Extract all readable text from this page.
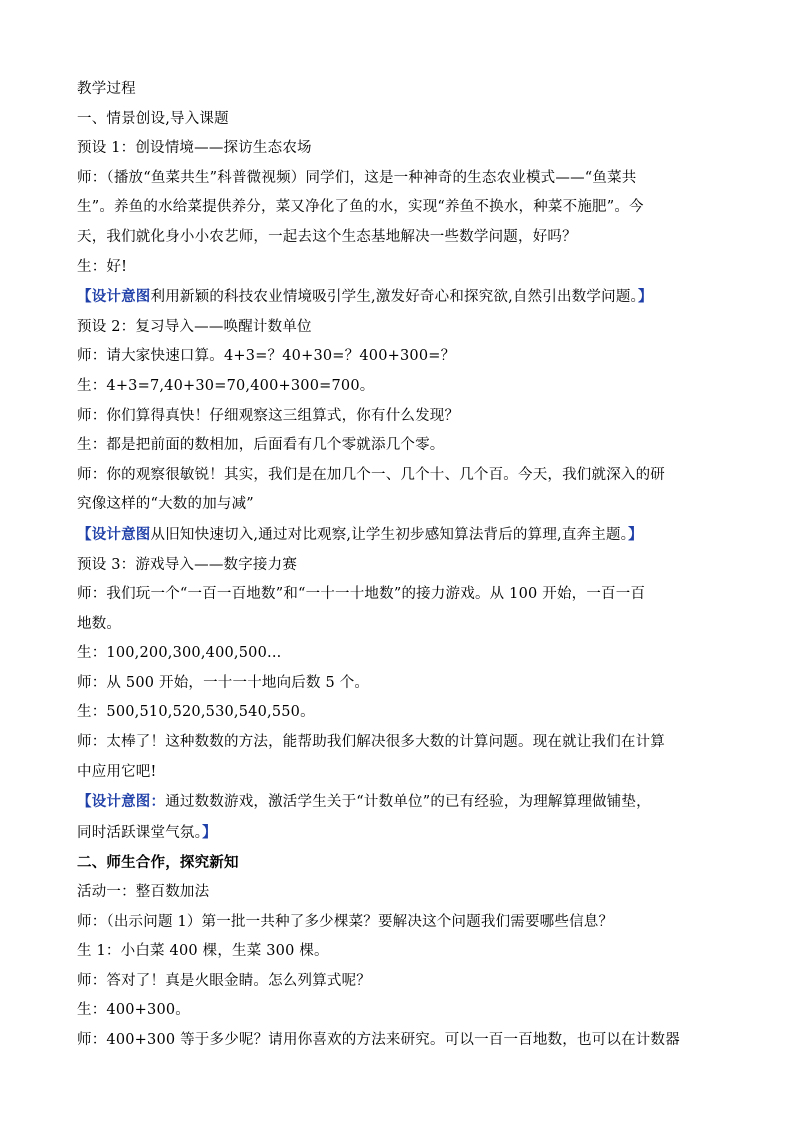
教学过程
一、情景创设,导入课题
预设 1：创设情境——探访生态农场
师：（播放“鱼菜共生”科普微视频）同学们，这是一种神奇的生态农业模式——“鱼菜共
生”。养鱼的水给菜提供养分，菜又净化了鱼的水，实现“养鱼不换水，种菜不施肥”。今
天，我们就化身小小农艺师，一起去这个生态基地解决一些数学问题，好吗？
生：好!
【设计意图利用新颖的科技农业情境吸引学生,激发好奇心和探究欲,自然引出数学问题。】
预设 2：复习导入——唤醒计数单位
师：请大家快速口算。4+3=？40+30=？400+300=？
生：4+3=7,40+30=70,400+300=700。
师：你们算得真快！仔细观察这三组算式，你有什么发现？
生：都是把前面的数相加，后面看有几个零就添几个零。
师：你的观察很敏锐！其实，我们是在加几个一、几个十、几个百。今天，我们就深入的研
究像这样的“大数的加与减”
【设计意图从旧知快速切入,通过对比观察,让学生初步感知算法背后的算理,直奔主题。】
预设 3：游戏导入——数字接力赛
师：我们玩一个“一百一百地数”和“一十一十地数”的接力游戏。从 100 开始，一百一百
地数。
生：100,200,300,400,500...
师：从 500 开始，一十一十地向后数 5 个。
生：500,510,520,530,540,550。
师：太棒了！这种数数的方法，能帮助我们解决很多大数的计算问题。现在就让我们在计算
中应用它吧!
【设计意图：通过数数游戏，激活学生关于“计数单位”的已有经验，为理解算理做铺垫，
同时活跃课堂气氛。】
二、师生合作，探究新知
活动一：整百数加法
师：（出示问题 1）第一批一共种了多少棵菜？要解决这个问题我们需要哪些信息？
生 1：小白菜 400 棵，生菜 300 棵。
师：答对了！真是火眼金睛。怎么列算式呢？
生：400+300。
师：400+300 等于多少呢？请用你喜欢的方法来研究。可以一百一百地数，也可以在计数器
